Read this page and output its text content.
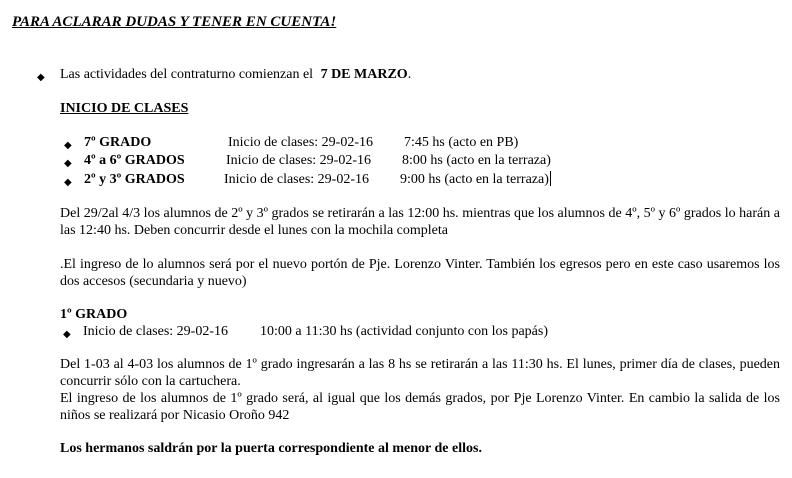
PARA ACLARAR DUDAS Y TENER EN CUENTA!
◆ Las actividades del contraturno comienzan el 7 DE MARZO.
INICIO DE CLASES
◆ 7º GRADO	Inicio de clases: 29-02-16 7:45 hs (acto en PB)
◆ 4º a 6º GRADOS	Inicio de clases: 29-02-16 8:00 hs (acto en la terraza)
◆ 2º y 3º GRADOS	Inicio de clases: 29-02-16 9:00 hs (acto en la terraza)
Del 29/2al 4/3 los alumnos de 2º y 3º grados se retirarán a las 12:00 hs. mientras que los alumnos de 4º, 5º y 6º grados lo harán a las 12:40 hs. Deben concurrir desde el lunes con la mochila completa
.El ingreso de lo alumnos será por el nuevo portón de Pje. Lorenzo Vinter. También los egresos pero en este caso usaremos los dos accesos (secundaria y nuevo)
1º GRADO
◆ Inicio de clases: 29-02-16 10:00 a 11:30 hs (actividad conjunto con los papás)
Del 1-03 al 4-03 los alumnos de 1º grado ingresarán a las 8 hs se retirarán a las 11:30 hs. El lunes, primer día de clases, pueden concurrir sólo con la cartuchera.
El ingreso de los alumnos de 1º grado será, al igual que los demás grados, por Pje Lorenzo Vinter. En cambio la salida de los niños se realizará por Nicasio Oroño 942
Los hermanos saldrán por la puerta correspondiente al menor de ellos.
